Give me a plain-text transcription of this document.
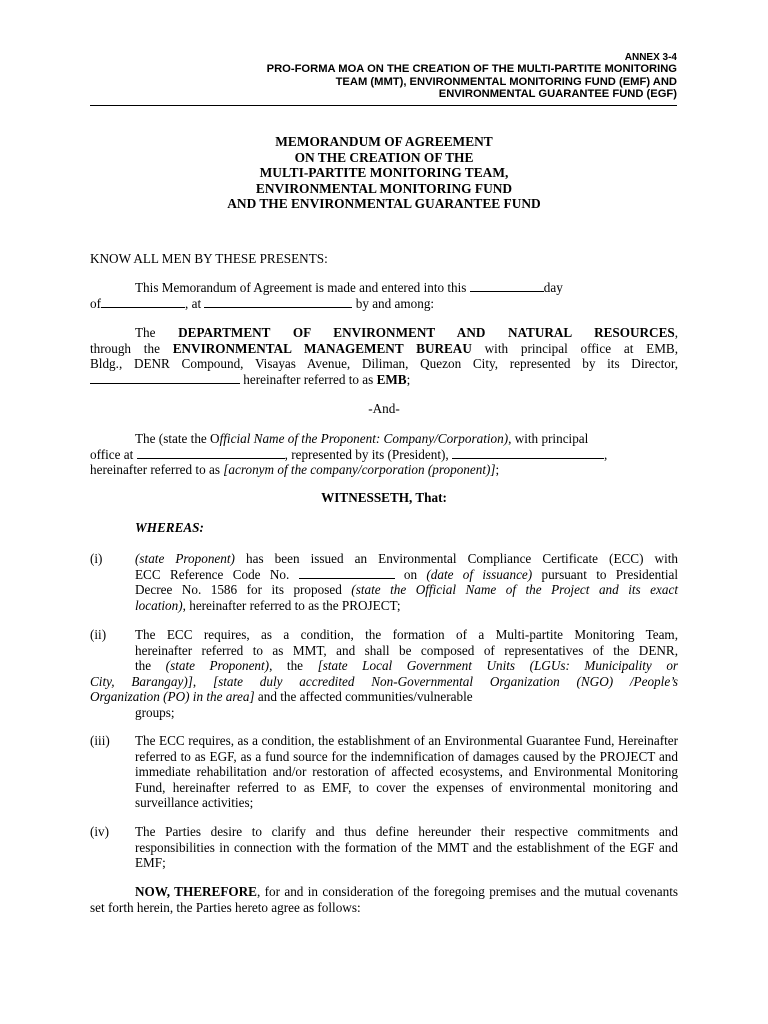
ANNEX 3-4
PRO-FORMA MOA ON THE CREATION OF THE MULTI-PARTITE MONITORING
TEAM (MMT), ENVIRONMENTAL MONITORING FUND (EMF) AND
ENVIRONMENTAL GUARANTEE FUND (EGF)
MEMORANDUM OF AGREEMENT
ON THE CREATION OF THE
MULTI-PARTITE MONITORING TEAM,
ENVIRONMENTAL MONITORING FUND
AND THE ENVIRONMENTAL GUARANTEE FUND

KNOW ALL MEN BY THESE PRESENTS:

This Memorandum of Agreement is made and entered into this	day

of	, at	by and among:

The DEPARTMENT OF ENVIRONMENT AND NATURAL RESOURCES,

through the ENVIRONMENTAL MANAGEMENT BUREAU with principal office at EMB,

Bldg., DENR Compound, Visayas Avenue, Diliman, Quezon City, represented by its Director,

hereinafter referred to as EMB;

-And-

The (state the Official Name of the Proponent: Company/Corporation), with principal

office at	, represented by its (President),	,

hereinafter referred to as [acronym of the company/corporation (proponent)];

WITNESSETH, That:

WHEREAS:

(i) (state Proponent) has been issued an Environmental Compliance Certificate (ECC) with

ECC Reference Code No.	on (date of issuance) pursuant to Presidential

Decree No. 1586 for its proposed (state the Official Name of the Project and its exact

location), hereinafter referred to as the PROJECT;

(ii) The ECC requires, as a condition, the formation of a Multi-partite Monitoring Team,

hereinafter referred to as MMT, and shall be composed of representatives of the DENR,

the (state Proponent), the [state Local Government Units (LGUs: Municipality or

City, Barangay)], [state duly accredited Non-Governmental Organization (NGO) /People’s

Organization (PO) in the area] and the affected communities/vulnerable

groups;

(iii) The ECC requires, as a condition, the establishment of an Environmental Guarantee Fund, Hereinafter referred to as EGF, as a fund source for the indemnification of damages caused by the PROJECT and immediate rehabilitation and/or restoration of affected ecosystems, and Environmental Monitoring Fund, hereinafter referred to as EMF, to cover the expenses of environmental monitoring and surveillance activities;

(iv) The Parties desire to clarify and thus define hereunder their respective commitments and responsibilities in connection with the formation of the MMT and the establishment of the EGF and EMF;

NOW, THEREFORE, for and in consideration of the foregoing premises and the mutual covenants set forth herein, the Parties hereto agree as follows:
